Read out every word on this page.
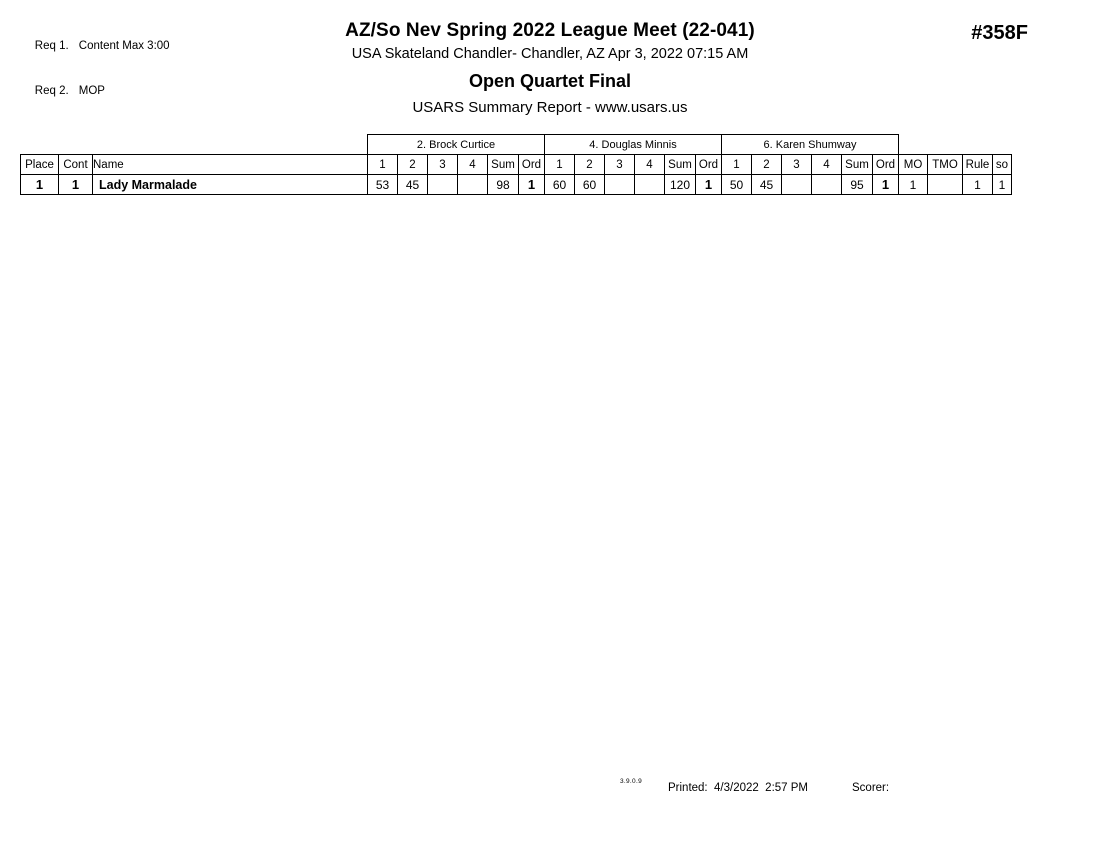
Req 1. Content Max 3:00

Req 2. MOP

AZ/So Nev Spring 2022 League Meet (22-041)
USA Skateland Chandler- Chandler, AZ Apr 3, 2022 07:15 AM
Open Quartet Final
USARS Summary Report - www.usars.us
#358F
			2. Brock Curtice						4. Douglas Minnis						6. Karen Shumway									
Place	Cont	Name	1	2	3	4	Sum	Ord	1	2	3	4	Sum	Ord	1	2	3	4	Sum	Ord	MO	TMO	Rule	so
1	1	Lady Marmalade	53	45			98	1	60	60			120	1	50	45			95	1	1		1	1
3.9.0.9
Printed:  4/3/2022  2:57 PM	Scorer:
